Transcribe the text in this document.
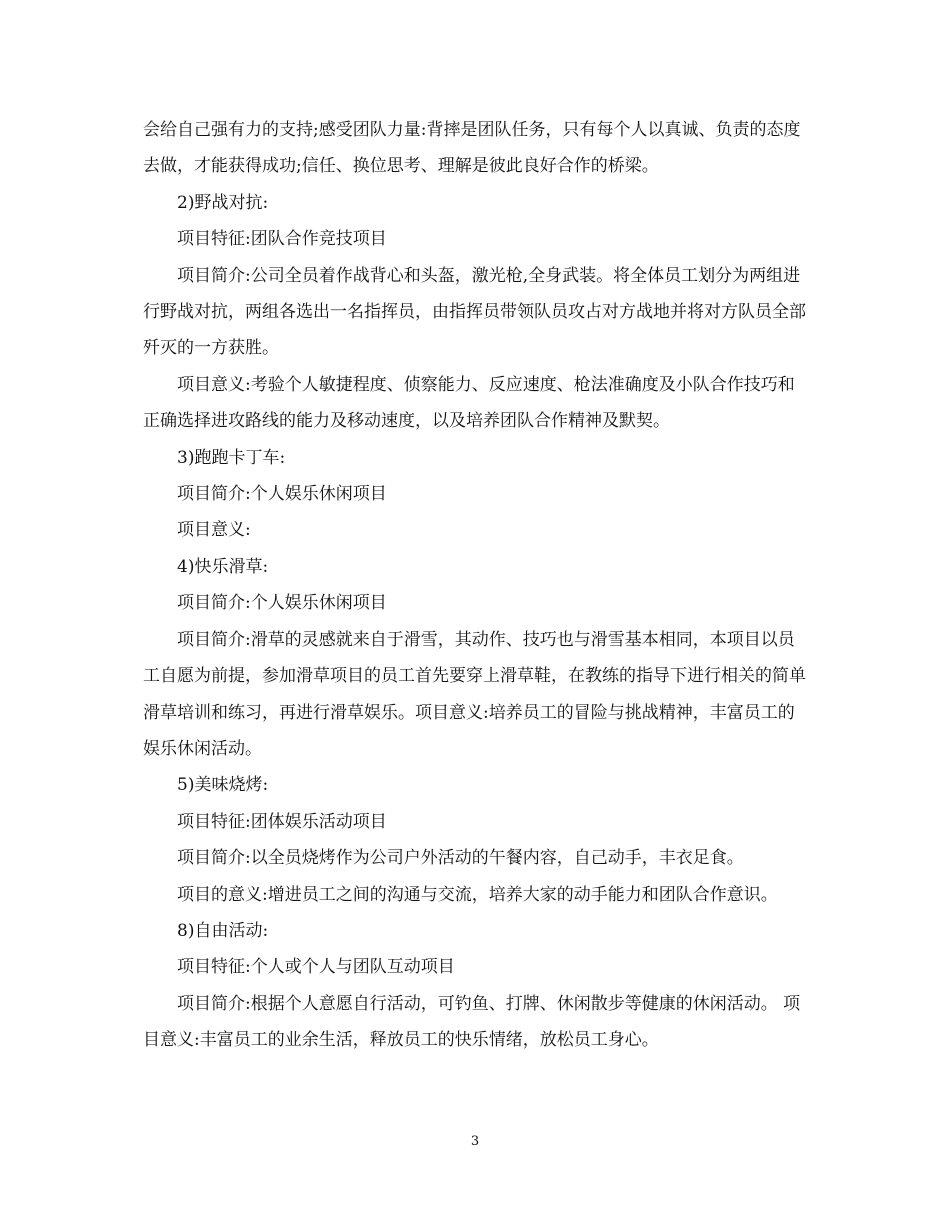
会给自己强有力的支持;感受团队力量:背摔是团队任务，只有每个人以真诚、负责的态度去做，才能获得成功;信任、换位思考、理解是彼此良好合作的桥梁。

2)野战对抗:

项目特征:团队合作竞技项目

项目简介:公司全员着作战背心和头盔，激光枪,全身武装。将全体员工划分为两组进行野战对抗，两组各选出一名指挥员，由指挥员带领队员攻占对方战地并将对方队员全部歼灭的一方获胜。

项目意义:考验个人敏捷程度、侦察能力、反应速度、枪法准确度及小队合作技巧和正确选择进攻路线的能力及移动速度，以及培养团队合作精神及默契。

3)跑跑卡丁车:

项目简介:个人娱乐休闲项目

项目意义:

4)快乐滑草:

项目简介:个人娱乐休闲项目

项目简介:滑草的灵感就来自于滑雪，其动作、技巧也与滑雪基本相同，本项目以员工自愿为前提，参加滑草项目的员工首先要穿上滑草鞋，在教练的指导下进行相关的简单滑草培训和练习，再进行滑草娱乐。项目意义:培养员工的冒险与挑战精神，丰富员工的娱乐休闲活动。

5)美味烧烤:

项目特征:团体娱乐活动项目

项目简介:以全员烧烤作为公司户外活动的午餐内容，自己动手，丰衣足食。

项目的意义:增进员工之间的沟通与交流，培养大家的动手能力和团队合作意识。

8)自由活动:

项目特征:个人或个人与团队互动项目

项目简介:根据个人意愿自行活动，可钓鱼、打牌、休闲散步等健康的休闲活动。 项目意义:丰富员工的业余生活，释放员工的快乐情绪，放松员工身心。

3
